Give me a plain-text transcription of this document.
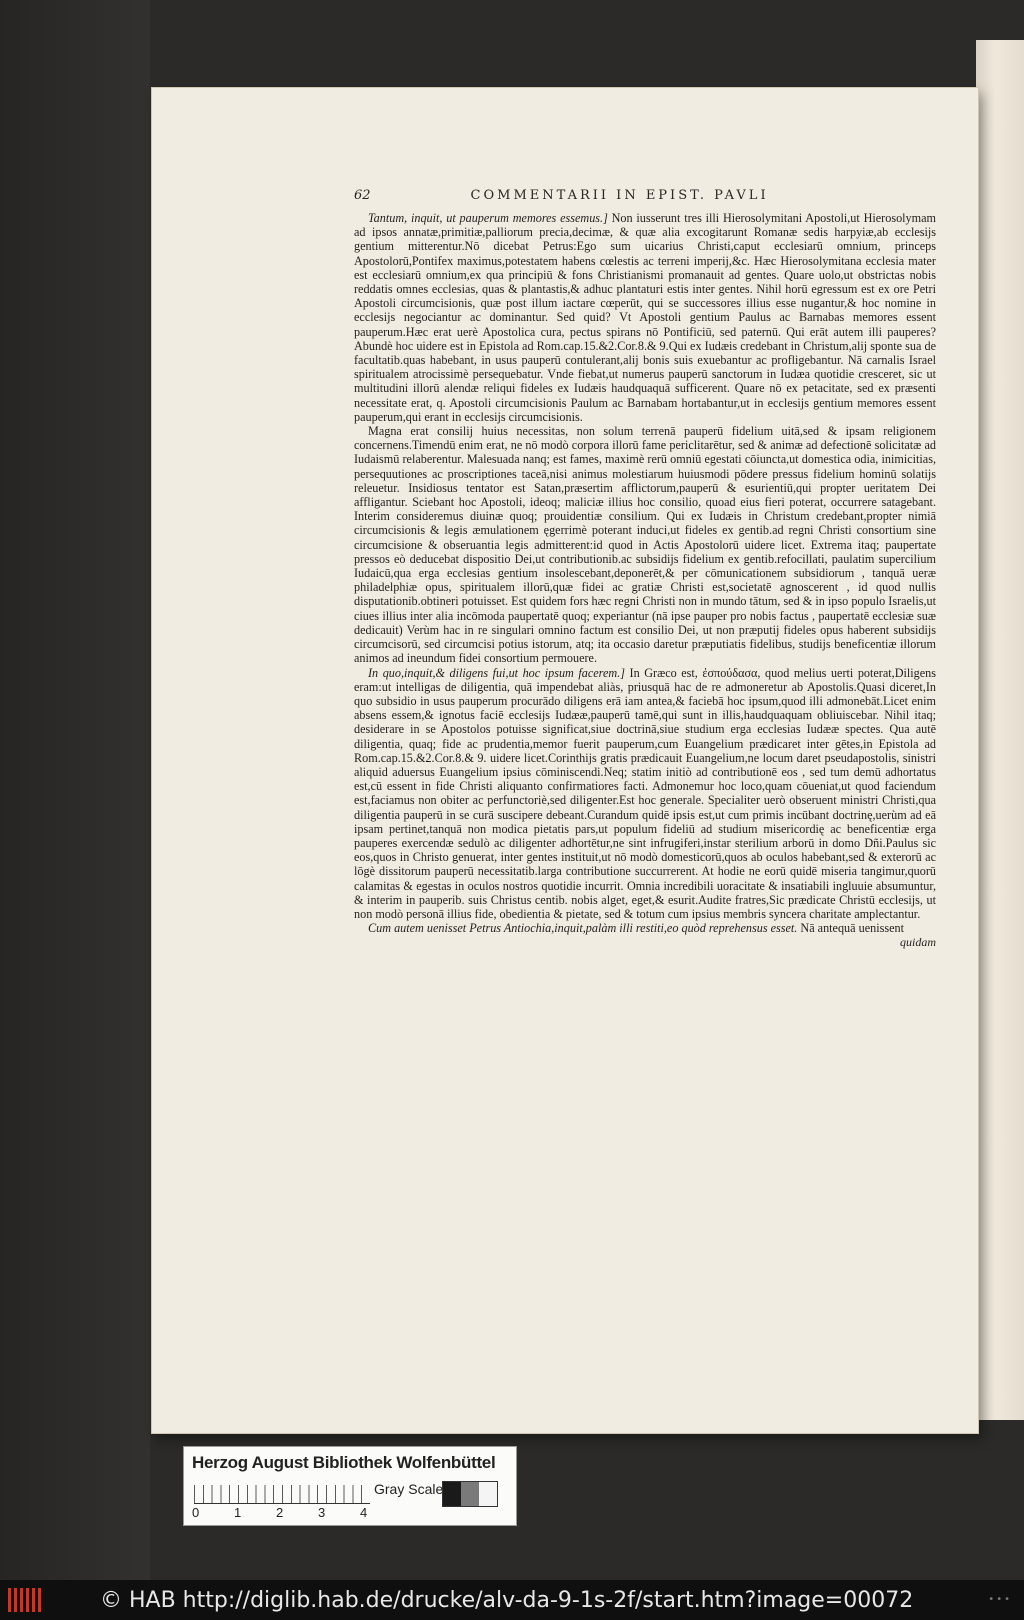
62	COMMENTARII IN EPIST. PAVLI

Tantum, inquit, ut pauperum memores essemus.] Non iusserunt tres illi Hierosolymitani Apostoli,ut Hierosolymam ad ipsos annatæ,primitiæ,palliorum precia,decimæ, & quæ alia excogitarunt Romanæ sedis harpyiæ,ab ecclesijs gentium mitterentur.Nō dicebat Petrus:Ego sum uicarius Christi,caput ecclesiarū omnium, princeps Apostolorū,Pontifex maximus,potestatem habens cœlestis ac terreni imperij,&c. Hæc Hierosolymitana ecclesia mater est ecclesiarū omnium,ex qua principiū & fons Christianismi promanauit ad gentes. Quare uolo,ut obstrictas nobis reddatis omnes ecclesias, quas & plantastis,& adhuc plantaturi estis inter gentes. Nihil horū egressum est ex ore Petri Apostoli circumcisionis, quæ post illum iactare cœperūt, qui se successores illius esse nugantur,& hoc nomine in ecclesijs negociantur ac dominantur. Sed quid? Vt Apostoli gentium Paulus ac Barnabas memores essent pauperum.Hæc erat uerè Apostolica cura, pectus spirans nō Pontificiū, sed paternū. Qui erāt autem illi pauperes? Abundè hoc uidere est in Epistola ad Rom.cap.15.&2.Cor.8.& 9.Qui ex Iudæis credebant in Christum,alij sponte sua de facultatib.quas habebant, in usus pauperū contulerant,alij bonis suis exuebantur ac profligebantur. Nā carnalis Israel spiritualem atrocissimè persequebatur. Vnde fiebat,ut numerus pauperū sanctorum in Iudæa quotidie cresceret, sic ut multitudini illorū alendæ reliqui fideles ex Iudæis haudquaquā sufficerent. Quare nō ex petacitate, sed ex præsenti necessitate erat, q. Apostoli circumcisionis Paulum ac Barnabam hortabantur,ut in ecclesijs gentium memores essent pauperum,qui erant in ecclesijs circumcisionis.

Magna erat consilij huius necessitas, non solum terrenā pauperū fidelium uitā,sed & ipsam religionem concernens.Timendū enim erat, ne nō modò corpora illorū fame periclitarētur, sed & animæ ad defectionē solicitatæ ad Iudaismū relaberentur. Malesuada nanq; est fames, maximè rerū omniū egestati cōiuncta,ut domestica odia, inimicitias, persequutiones ac proscriptiones taceā,nisi animus molestiarum huiusmodi pōdere pressus fidelium hominū solatijs releuetur. Insidiosus tentator est Satan,præsertim afflictorum,pauperū & esurientiū,qui propter ueritatem Dei affligantur. Sciebant hoc Apostoli, ideoq; maliciæ illius hoc consilio, quoad eius fieri poterat, occurrere satagebant. Interim consideremus diuinæ quoq; prouidentiæ consilium. Qui ex Iudæis in Christum credebant,propter nimiā circumcisionis & legis æmulationem ęgerrimè poterant induci,ut fideles ex gentib.ad regni Christi consortium sine circumcisione & obseruantia legis admitterent:id quod in Actis Apostolorū uidere licet. Extrema itaq; paupertate pressos eò deducebat dispositio Dei,ut contributionib.ac subsidijs fidelium ex gentib.refocillati, paulatim supercilium Iudaicū,qua erga ecclesias gentium insolescebant,deponerēt,& per cōmunicationem subsidiorum , tanquā ueræ philadelphiæ opus, spiritualem illorū,quæ fidei ac gratiæ Christi est,societatē agnoscerent , id quod nullis disputationib.obtineri potuisset. Est quidem fors hæc regni Christi non in mundo tātum, sed & in ipso populo Israelis,ut ciues illius inter alia incōmoda paupertatē quoq; experiantur (nā ipse pauper pro nobis factus , paupertatē ecclesiæ suæ dedicauit) Verùm hac in re singulari omnino factum est consilio Dei, ut non præputij fideles opus haberent subsidijs circumcisorū, sed circumcisi potius istorum, atq; ita occasio daretur præputiatis fidelibus, studijs beneficentiæ illorum animos ad ineundum fidei consortium permouere.

In quo,inquit,& diligens fui,ut hoc ipsum facerem.] In Græco est, ἐσπούδασα, quod melius uerti poterat,Diligens eram:ut intelligas de diligentia, quā impendebat aliàs, priusquā hac de re admoneretur ab Apostolis.Quasi diceret,In quo subsidio in usus pauperum procurādo diligens erā iam antea,& faciebā hoc ipsum,quod illi admonebāt.Licet enim absens essem,& ignotus faciē ecclesijs Iudææ,pauperū tamē,qui sunt in illis,haudquaquam obliuiscebar. Nihil itaq; desiderare in se Apostolos potuisse significat,siue doctrinā,siue studium erga ecclesias Iudææ spectes. Qua autē diligentia, quaq; fide ac prudentia,memor fuerit pauperum,cum Euangelium prædicaret inter gētes,in Epistola ad Rom.cap.15.&2.Cor.8.& 9. uidere licet.Corinthijs gratis prædicauit Euangelium,ne locum daret pseudapostolis, sinistri aliquid aduersus Euangelium ipsius cōminiscendi.Neq; statim initiò ad contributionē eos , sed tum demū adhortatus est,cū essent in fide Christi aliquanto confirmatiores facti. Admonemur hoc loco,quam cōueniat,ut quod faciendum est,faciamus non obiter ac perfunctoriè,sed diligenter.Est hoc generale. Specialiter uerò obseruent ministri Christi,qua diligentia pauperū in se curā suscipere debeant.Curandum quidē ipsis est,ut cum primis incūbant doctrinę,uerùm ad eā ipsam pertinet,tanquā non modica pietatis pars,ut populum fideliū ad studium misericordię ac beneficentiæ erga pauperes exercendæ sedulò ac diligenter adhortētur,ne sint infrugiferi,instar sterilium arborū in domo Dñi.Paulus sic eos,quos in Christo genuerat, inter gentes instituit,ut nō modò domesticorū,quos ab oculos habebant,sed & exterorū ac lōgè dissitorum pauperū necessitatib.larga contributione succurrerent. At hodie ne eorū quidē miseria tangimur,quorū calamitas & egestas in oculos nostros quotidie incurrit. Omnia incredibili uoracitate & insatiabili ingluuie absumuntur, & interim in pauperib. suis Christus centib. nobis alget, eget,& esurit.Audite fratres,Sic prædicate Christū ecclesijs, ut non modò personā illius fide, obedientia & pietate, sed & totum cum ipsius membris syncera charitate amplectantur.

Cum autem uenisset Petrus Antiochia,inquit,palàm illi restiti,eo quòd reprehensus esset. Nā antequā uenissent

quidam
Herzog August Bibliothek Wolfenbüttel
0	1	2	3	4
Gray Scale
© HAB http://diglib.hab.de/drucke/alv-da-9-1s-2f/start.htm?image=00072	•••
